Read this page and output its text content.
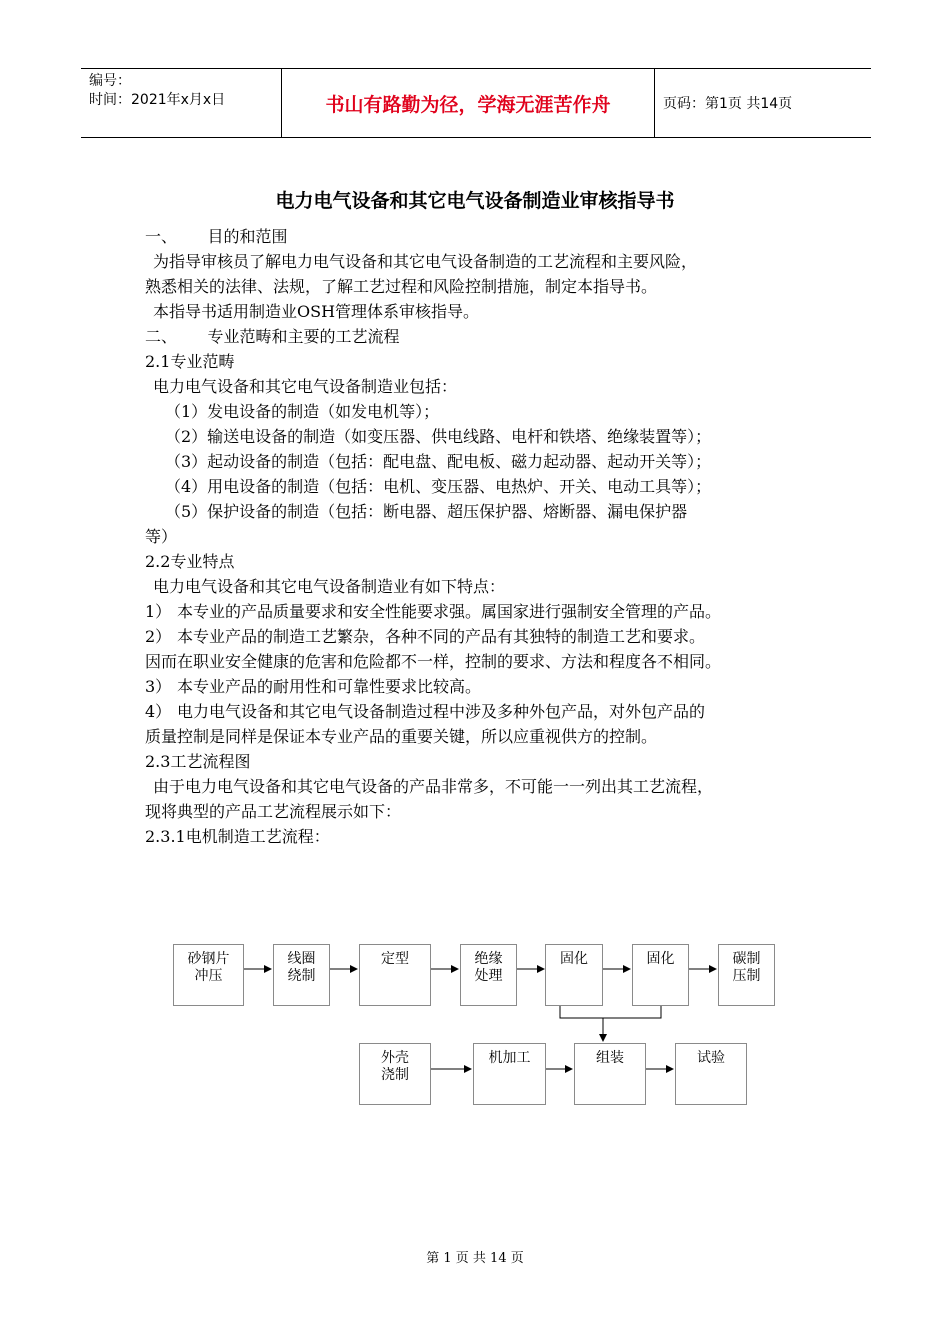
编号：
时间：2021年x月x日	书山有路勤为径，学海无涯苦作舟	页码：第1页 共14页
电力电气设备和其它电气设备制造业审核指导书

一、      目的和范围

为指导审核员了解电力电气设备和其它电气设备制造的工艺流程和主要风险，

熟悉相关的法律、法规，了解工艺过程和风险控制措施，制定本指导书。

本指导书适用制造业OSH管理体系审核指导。

二、      专业范畴和主要的工艺流程

2.1专业范畴

电力电气设备和其它电气设备制造业包括：

（1）发电设备的制造（如发电机等）；

（2）输送电设备的制造（如变压器、供电线路、电杆和铁塔、绝缘装置等）；

（3）起动设备的制造（包括：配电盘、配电板、磁力起动器、起动开关等）；

（4）用电设备的制造（包括：电机、变压器、电热炉、开关、电动工具等）；

（5）保护设备的制造（包括：断电器、超压保护器、熔断器、漏电保护器

等）

2.2专业特点

电力电气设备和其它电气设备制造业有如下特点：

1） 本专业的产品质量要求和安全性能要求强。属国家进行强制安全管理的产品。
2） 本专业产品的制造工艺繁杂，各种不同的产品有其独特的制造工艺和要求。

因而在职业安全健康的危害和危险都不一样，控制的要求、方法和程度各不相同。

3） 本专业产品的耐用性和可靠性要求比较高。
4） 电力电气设备和其它电气设备制造过程中涉及多种外包产品，对外包产品的

质量控制是同样是保证本专业产品的重要关键，所以应重视供方的控制。

2.3工艺流程图

由于电力电气设备和其它电气设备的产品非常多，不可能一一列出其工艺流程，

现将典型的产品工艺流程展示如下：

2.3.1电机制造工艺流程：

砂钢片
冲压
线圈
绕制
定型	绝缘
处理
固化	固化	碳制
压制
外壳
浇制
机加工	组装	试验
第 1 页 共 14 页
